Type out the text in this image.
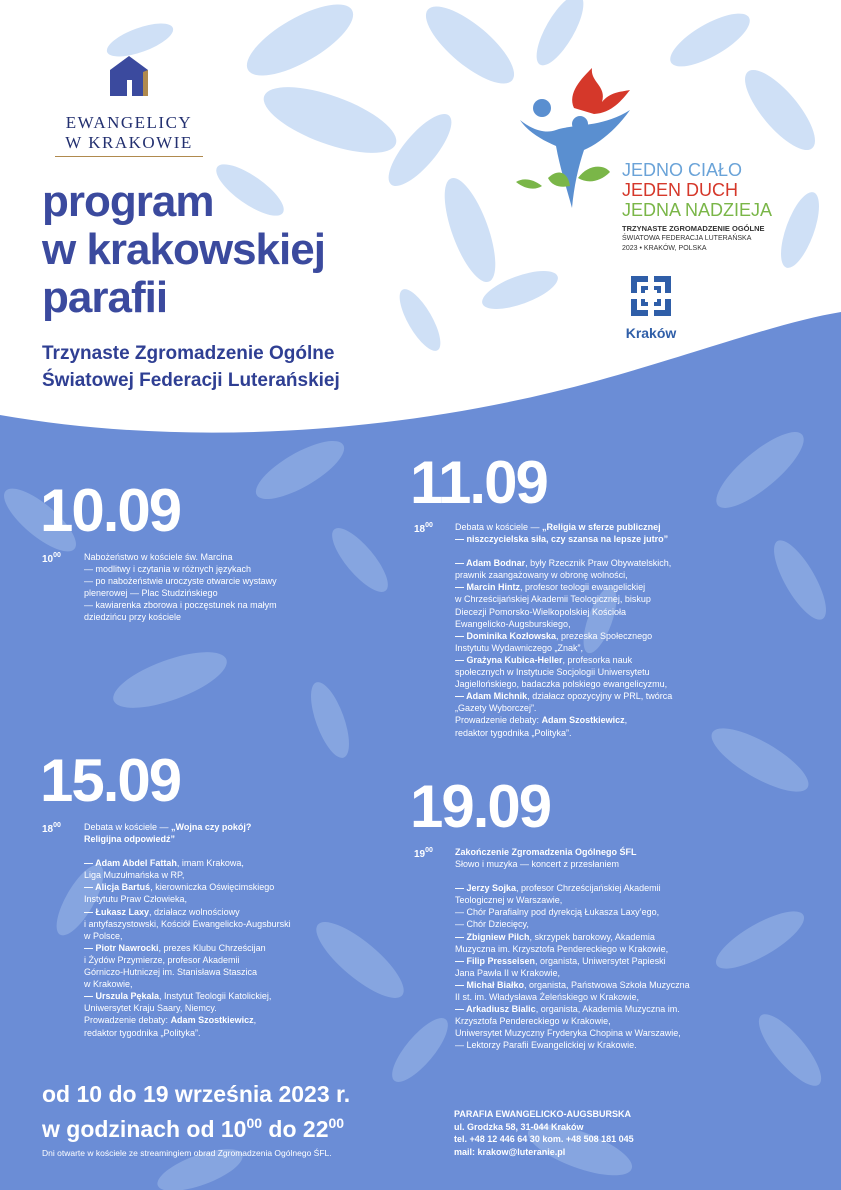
EWANGELICY
W KRAKOWIE
program
w krakowskiej
parafii
Trzynaste Zgromadzenie Ogólne
Światowej Federacji Luterańskiej
JEDNO CIAŁO
JEDEN DUCH
JEDNA NADZIEJA
TRZYNASTE ZGROMADZENIE OGÓLNE
ŚWIATOWA FEDERACJA LUTERAŃSKA
2023 • KRAKÓW, POLSKA
Kraków
10.09
$10^{00}$	Nabożeństwo w kościele św. Marcina
— modlitwy i czytania w różnych językach
— po nabożeństwie uroczyste otwarcie wystawy
plenerowej — Plac Studzińskiego
— kawiarenka zborowa i poczęstunek na małym
dziedzińcu przy kościele
11.09
$18^{00}$ Debata w kościele — „Religia w sferze publicznej
— niszczycielska siła, czy szansa na lepsze jutro”
— Adam Bodnar, były Rzecznik Praw Obywatelskich,
prawnik zaangażowany w obronę wolności,
— Marcin Hintz, profesor teologii ewangelickiej
w Chrześcijańskiej Akademii Teologicznej, biskup
Diecezji Pomorsko-Wielkopolskiej Kościoła
Ewangelicko-Augsburskiego,
— Dominika Kozłowska, prezeska Społecznego
Instytutu Wydawniczego „Znak”,
— Grażyna Kubica-Heller, profesorka nauk
społecznych w Instytucie Socjologii Uniwersytetu
Jagiellońskiego, badaczka polskiego ewangelicyzmu,
— Adam Michnik, działacz opozycyjny w PRL, twórca
„Gazety Wyborczej”.
Prowadzenie debaty: Adam Szostkiewicz,
redaktor tygodnika „Polityka”.
15.09
$18^{00}$	Debata w kościele — „Wojna czy pokój?
Religijna odpowiedź”
— Adam Abdel Fattah, imam Krakowa,
Liga Muzułmańska w RP,
— Alicja Bartuś, kierowniczka Oświęcimskiego
Instytutu Praw Człowieka,
— Łukasz Laxy, działacz wolnościowy
i antyfaszystowski, Kościół Ewangelicko-Augsburski
w Polsce,
— Piotr Nawrocki, prezes Klubu Chrześcijan
i Żydów Przymierze, profesor Akademii
Górniczo-Hutniczej im. Stanisława Staszica
w Krakowie,
— Urszula Pękala, Instytut Teologii Katolickiej,
Uniwersytet Kraju Saary, Niemcy.
Prowadzenie debaty: Adam Szostkiewicz,
redaktor tygodnika „Polityka”.
19.09
$19^{00}$ Zakończenie Zgromadzenia Ogólnego ŚFL
Słowo i muzyka — koncert z przesłaniem
— Jerzy Sojka, profesor Chrześcijańskiej Akademii
Teologicznej w Warszawie,
— Chór Parafialny pod dyrekcją Łukasza Laxy’ego,
— Chór Dziecięcy,
— Zbigniew Pilch, skrzypek barokowy, Akademia
Muzyczna im. Krzysztofa Pendereckiego w Krakowie,
— Filip Presseisen, organista, Uniwersytet Papieski
Jana Pawła II w Krakowie,
— Michał Białko, organista, Państwowa Szkoła Muzyczna
II st. im. Władysława Żeleńskiego w Krakowie,
— Arkadiusz Bialic, organista, Akademia Muzyczna im.
Krzysztofa Pendereckiego w Krakowie,
Uniwersytet Muzyczny Fryderyka Chopina w Warszawie,
— Lektorzy Parafii Ewangelickiej w Krakowie.
od 10 do 19 września 2023 r.
w godzinach od $10^{00}$ do $22^{00}$
Dni otwarte w kościele ze streamingiem obrad Zgromadzenia Ogólnego ŚFL.
PARAFIA EWANGELICKO-AUGSBURSKA
ul. Grodzka 58, 31-044 Kraków
tel. +48 12 446 64 30 kom. +48 508 181 045
mail: krakow@luteranie.pl
